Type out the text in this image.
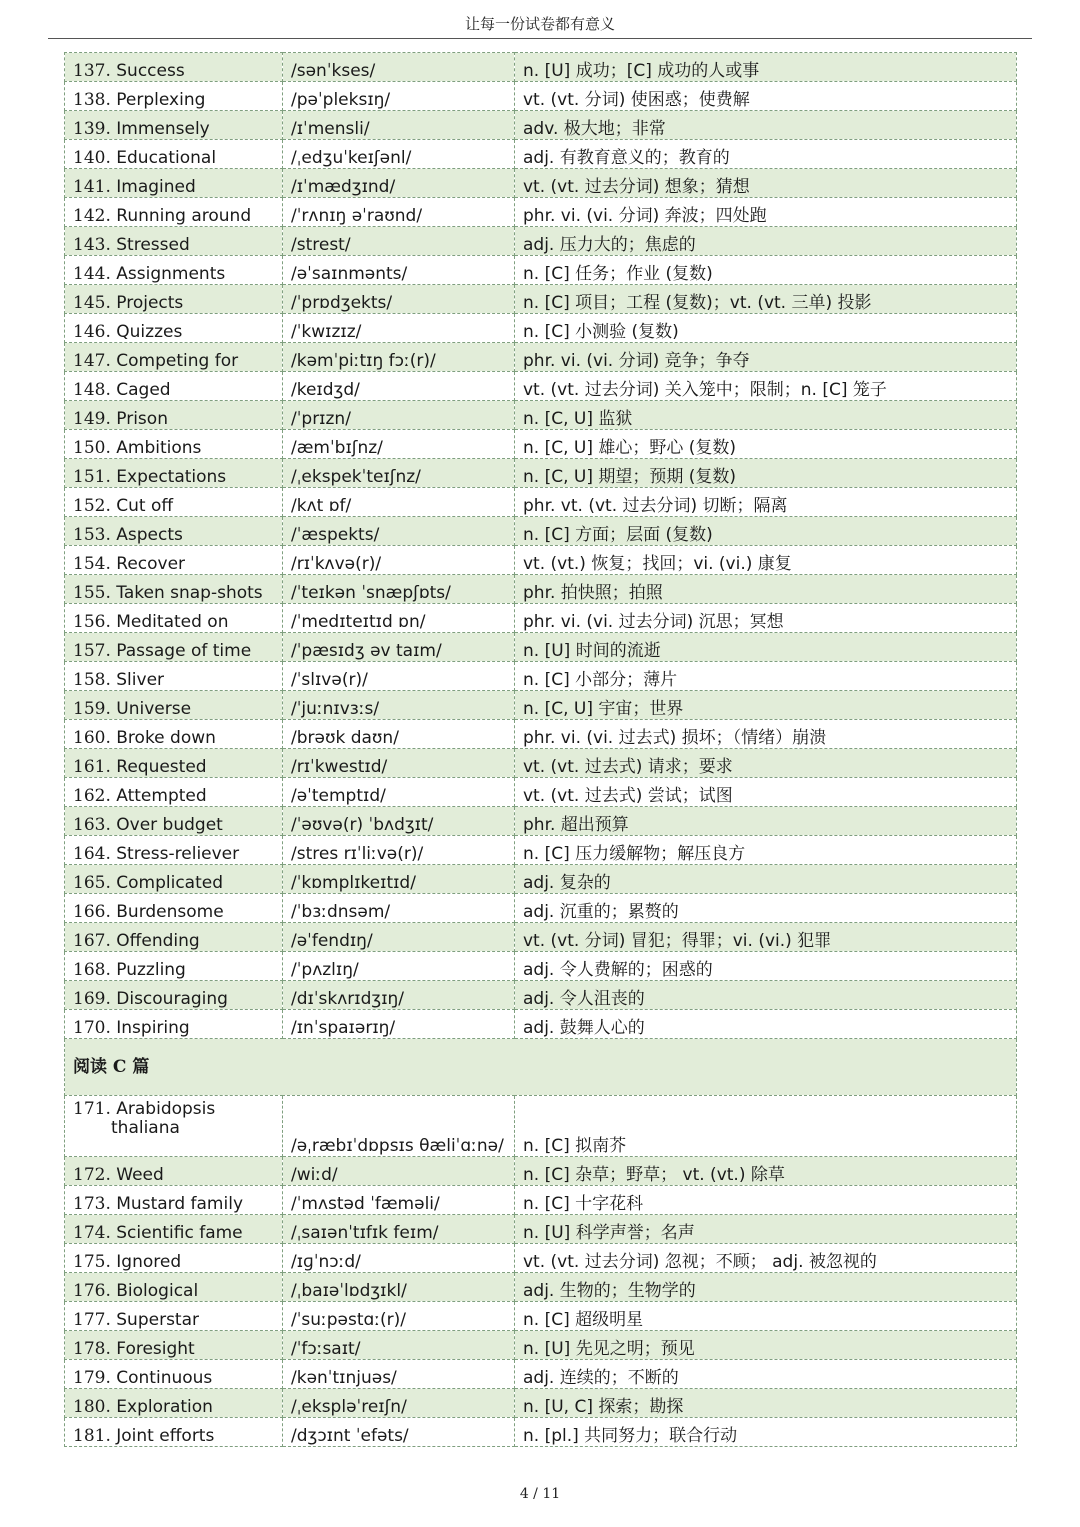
让每一份试卷都有意义
137. Success	/sənˈkses/	n. [U] 成功；[C] 成功的人或事
138. Perplexing	/pəˈpleksɪŋ/	vt. (vt. 分词) 使困惑；使费解
139. Immensely	/ɪˈmensli/	adv. 极大地；非常
140. Educational	/ˌedʒuˈkeɪʃənl/	adj. 有教育意义的；教育的
141. Imagined	/ɪˈmædʒɪnd/	vt. (vt. 过去分词) 想象；猜想
142. Running around	/ˈrʌnɪŋ əˈraʊnd/	phr. vi. (vi. 分词) 奔波；四处跑
143. Stressed	/strest/	adj. 压力大的；焦虑的
144. Assignments	/əˈsaɪnmənts/	n. [C] 任务；作业 (复数)
145. Projects	/ˈprɒdʒekts/	n. [C] 项目；工程 (复数)；vt. (vt. 三单) 投影
146. Quizzes	/ˈkwɪzɪz/	n. [C] 小测验 (复数)
147. Competing for	/kəmˈpiːtɪŋ fɔː(r)/	phr. vi. (vi. 分词) 竞争；争夺
148. Caged	/keɪdʒd/	vt. (vt. 过去分词) 关入笼中；限制；n. [C] 笼子
149. Prison	/ˈprɪzn/	n. [C, U] 监狱
150. Ambitions	/æmˈbɪʃnz/	n. [C, U] 雄心；野心 (复数)
151. Expectations	/ˌekspekˈteɪʃnz/	n. [C, U] 期望；预期 (复数)
152. Cut off	/kʌt ɒf/	phr. vt. (vt. 过去分词) 切断；隔离
153. Aspects	/ˈæspekts/	n. [C] 方面；层面 (复数)
154. Recover	/rɪˈkʌvə(r)/	vt. (vt.) 恢复；找回；vi. (vi.) 康复
155. Taken snap-shots	/ˈteɪkən ˈsnæpʃɒts/	phr. 拍快照；拍照
156. Meditated on	/ˈmedɪteɪtɪd ɒn/	phr. vi. (vi. 过去分词) 沉思；冥想
157. Passage of time	/ˈpæsɪdʒ əv taɪm/	n. [U] 时间的流逝
158. Sliver	/ˈslɪvə(r)/	n. [C] 小部分；薄片
159. Universe	/ˈjuːnɪvɜːs/	n. [C, U] 宇宙；世界
160. Broke down	/brəʊk daʊn/	phr. vi. (vi. 过去式) 损坏；（情绪）崩溃
161. Requested	/rɪˈkwestɪd/	vt. (vt. 过去式) 请求；要求
162. Attempted	/əˈtemptɪd/	vt. (vt. 过去式) 尝试；试图
163. Over budget	/ˈəʊvə(r) ˈbʌdʒɪt/	phr. 超出预算
164. Stress-reliever	/stres rɪˈliːvə(r)/	n. [C] 压力缓解物；解压良方
165. Complicated	/ˈkɒmplɪkeɪtɪd/	adj. 复杂的
166. Burdensome	/ˈbɜːdnsəm/	adj. 沉重的；累赘的
167. Offending	/əˈfendɪŋ/	vt. (vt. 分词) 冒犯；得罪；vi. (vi.) 犯罪
168. Puzzling	/ˈpʌzlɪŋ/	adj. 令人费解的；困惑的
169. Discouraging	/dɪˈskʌrɪdʒɪŋ/	adj. 令人沮丧的
170. Inspiring	/ɪnˈspaɪərɪŋ/	adj. 鼓舞人心的
阅读 C 篇		
171. Arabidopsis
thaliana	/əˌræbɪˈdɒpsɪs θæliˈɑːnə/	n. [C] 拟南芥
172. Weed	/wiːd/	n. [C] 杂草；野草； vt. (vt.) 除草
173. Mustard family	/ˈmʌstəd ˈfæməli/	n. [C] 十字花科
174. Scientific fame	/ˌsaɪənˈtɪfɪk feɪm/	n. [U] 科学声誉；名声
175. Ignored	/ɪɡˈnɔːd/	vt. (vt. 过去分词) 忽视；不顾； adj. 被忽视的
176. Biological	/ˌbaɪəˈlɒdʒɪkl/	adj. 生物的；生物学的
177. Superstar	/ˈsuːpəstɑː(r)/	n. [C] 超级明星
178. Foresight	/ˈfɔːsaɪt/	n. [U] 先见之明；预见
179. Continuous	/kənˈtɪnjuəs/	adj. 连续的；不断的
180. Exploration	/ˌekspləˈreɪʃn/	n. [U, C] 探索；勘探
181. Joint efforts	/dʒɔɪnt ˈefəts/	n. [pl.] 共同努力；联合行动
4 / 11
